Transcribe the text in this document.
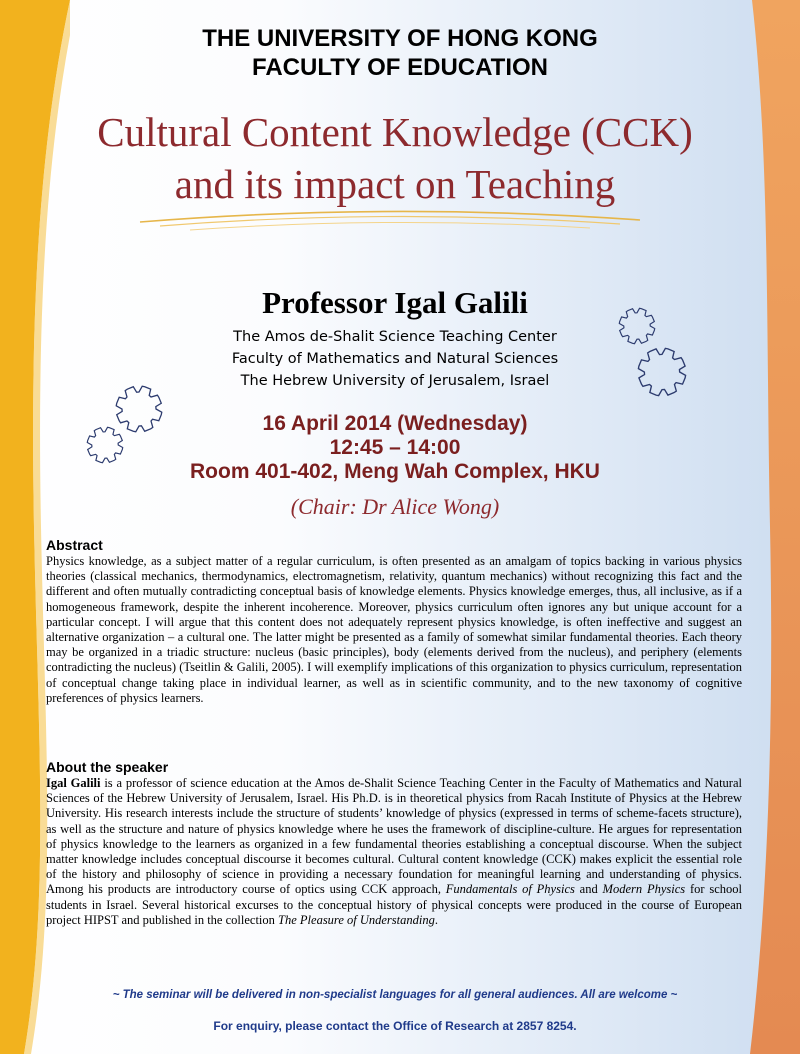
THE UNIVERSITY OF HONG KONG
FACULTY OF EDUCATION
Cultural Content Knowledge (CCK)
and its impact on Teaching
Professor Igal Galili
The Amos de-Shalit Science Teaching Center
Faculty of Mathematics and Natural Sciences
The Hebrew University of Jerusalem, Israel
16 April 2014 (Wednesday)
12:45 – 14:00
Room 401-402, Meng Wah Complex, HKU
(Chair: Dr Alice Wong)
Abstract
Physics knowledge, as a subject matter of a regular curriculum, is often presented as an amalgam of topics backing in various physics theories (classical mechanics, thermodynamics, electromagnetism, relativity, quantum mechanics) without recognizing this fact and the different and often mutually contradicting conceptual basis of knowledge elements. Physics knowledge emerges, thus, all inclusive, as if a homogeneous framework, despite the inherent incoherence. Moreover, physics curriculum often ignores any but unique account for a particular concept. I will argue that this content does not adequately represent physics knowledge, is often ineffective and suggest an alternative organization – a cultural one. The latter might be presented as a family of somewhat similar fundamental theories. Each theory may be organized in a triadic structure: nucleus (basic principles), body (elements derived from the nucleus), and periphery (elements contradicting the nucleus) (Tseitlin & Galili, 2005). I will exemplify implications of this organization to physics curriculum, representation of conceptual change taking place in individual learner, as well as in scientific community, and to the new taxonomy of cognitive preferences of physics learners.
About the speaker
Igal Galili is a professor of science education at the Amos de-Shalit Science Teaching Center in the Faculty of Mathematics and Natural Sciences of the Hebrew University of Jerusalem, Israel. His Ph.D. is in theoretical physics from Racah Institute of Physics at the Hebrew University. His research interests include the structure of students’ knowledge of physics (expressed in terms of scheme-facets structure), as well as the structure and nature of physics knowledge where he uses the framework of discipline-culture. He argues for representation of physics knowledge to the learners as organized in a few fundamental theories establishing a conceptual discourse. When the subject matter knowledge includes conceptual discourse it becomes cultural. Cultural content knowledge (CCK) makes explicit the essential role of the history and philosophy of science in providing a necessary foundation for meaningful learning and understanding of physics. Among his products are introductory course of optics using CCK approach, Fundamentals of Physics and Modern Physics for school students in Israel. Several historical excurses to the conceptual history of physical concepts were produced in the course of European project HIPST and published in the collection The Pleasure of Understanding.
~ The seminar will be delivered in non-specialist languages for all general audiences. All are welcome ~
For enquiry, please contact the Office of Research at 2857 8254.
